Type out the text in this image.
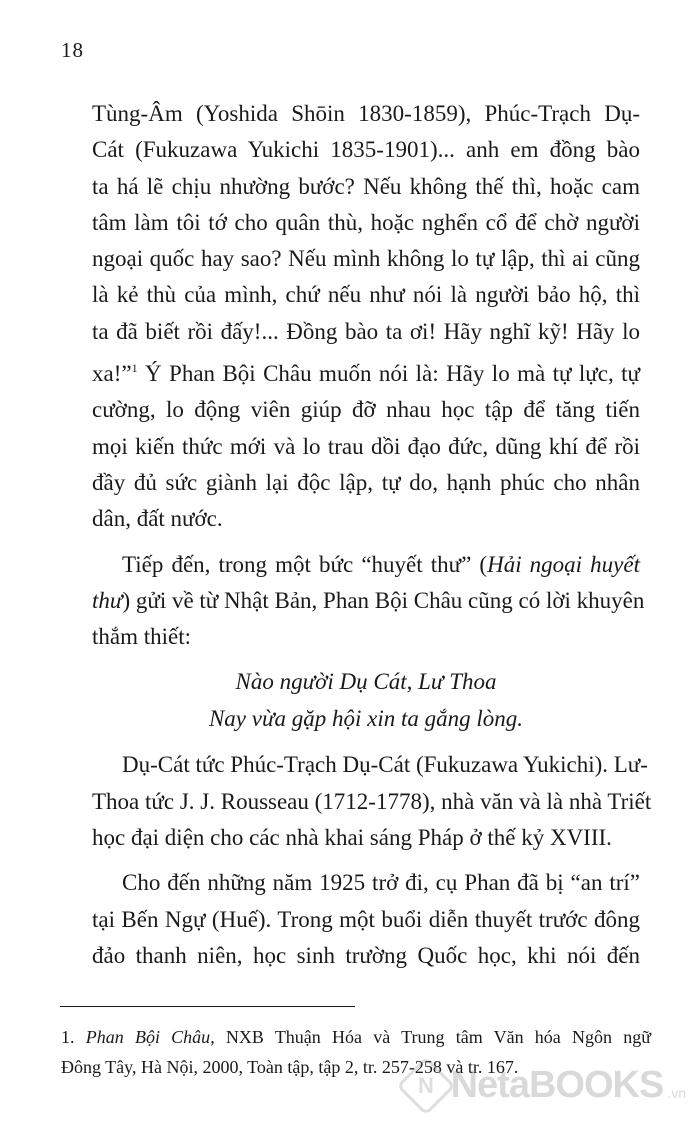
18

Tùng-Âm (Yoshida Shōin 1830-1859), Phúc-Trạch Dụ-
Cát (Fukuzawa Yukichi 1835-1901)... anh em đồng bào
ta há lẽ chịu nhường bước? Nếu không thế thì, hoặc cam
tâm làm tôi tớ cho quân thù, hoặc nghển cổ để chờ người
ngoại quốc hay sao? Nếu mình không lo tự lập, thì ai cũng
là kẻ thù của mình, chứ nếu như nói là người bảo hộ, thì
ta đã biết rồi đấy!... Đồng bào ta ơi! Hãy nghĩ kỹ! Hãy lo
xa!”$^1$ Ý Phan Bội Châu muốn nói là: Hãy lo mà tự lực, tự
cường, lo động viên giúp đỡ nhau học tập để tăng tiến
mọi kiến thức mới và lo trau dồi đạo đức, dũng khí để rồi
đầy đủ sức giành lại độc lập, tự do, hạnh phúc cho nhân
dân, đất nước.

Tiếp đến, trong một bức “huyết thư” (Hải ngoại huyết
thư) gửi về từ Nhật Bản, Phan Bội Châu cũng có lời khuyên
thắm thiết:

Nào người Dụ Cát, Lư Thoa
Nay vừa gặp hội xin ta gắng lòng.

Dụ-Cát tức Phúc-Trạch Dụ-Cát (Fukuzawa Yukichi). Lư-
Thoa tức J. J. Rousseau (1712-1778), nhà văn và là nhà Triết
học đại diện cho các nhà khai sáng Pháp ở thế kỷ XVIII.

Cho đến những năm 1925 trở đi, cụ Phan đã bị “an trí”
tại Bến Ngự (Huế). Trong một buổi diễn thuyết trước đông
đảo thanh niên, học sinh trường Quốc học, khi nói đến

1. Phan Bội Châu, NXB Thuận Hóa và Trung tâm Văn hóa Ngôn ngữ
Đông Tây, Hà Nội, 2000, Toàn tập, tập 2, tr. 257-258 và tr. 167.
N NetaBOOKS .vn
